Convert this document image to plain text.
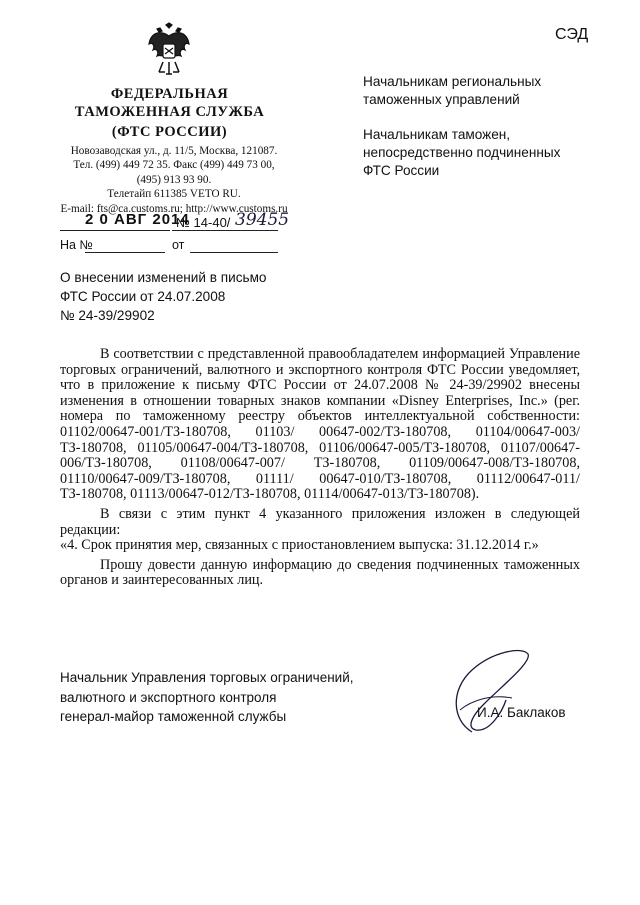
СЭД
ФЕДЕРАЛЬНАЯ
ТАМОЖЕННАЯ СЛУЖБА
(ФТС РОССИИ)
Новозаводская ул., д. 11/5, Москва, 121087.
Тел. (499) 449 72 35. Факс (499) 449 73 00,
(495) 913 93 90.
Телетайп 611385 VETO RU.
E-mail: fts@ca.customs.ru; http://www.customs.ru
2 0 АВГ 2014
№ 14-40/ 39455
На №	от
Начальникам региональных
таможенных управлений
Начальникам таможен,
непосредственно подчиненных
ФТС России
О внесении изменений в письмо
ФТС России от 24.07.2008
№ 24-39/29902

В соответствии с представленной правообладателем информацией Управление торговых ограничений, валютного и экспортного контроля ФТС России уведомляет, что в приложение к письму ФТС России от 24.07.2008 № 24-39/29902 внесены изменения в отношении товарных знаков компании «Disney Enterprises, Inc.» (рег. номера по таможенному реестру объектов интеллектуальной собственности: 01102/00647-001/ТЗ-180708, 01103/ 00647-002/ТЗ-180708, 01104/00647-003/ТЗ-180708, 01105/00647-004/ТЗ-180708, 01106/00647-005/ТЗ-180708, 01107/00647-006/ТЗ-180708, 01108/00647-007/ ТЗ-180708, 01109/00647-008/ТЗ-180708, 01110/00647-009/ТЗ-180708, 01111/ 00647-010/ТЗ-180708, 01112/00647-011/ТЗ-180708, 01113/00647-012/ТЗ-180708, 01114/00647-013/ТЗ-180708).

В связи с этим пункт 4 указанного приложения изложен в следующей редакции:

«4. Срок принятия мер, связанных с приостановлением выпуска: 31.12.2014 г.»

Прошу довести данную информацию до сведения подчиненных таможенных органов и заинтересованных лиц.

Начальник Управления торговых ограничений,
валютного и экспортного контроля
генерал-майор таможенной службы	И.А. Баклаков
